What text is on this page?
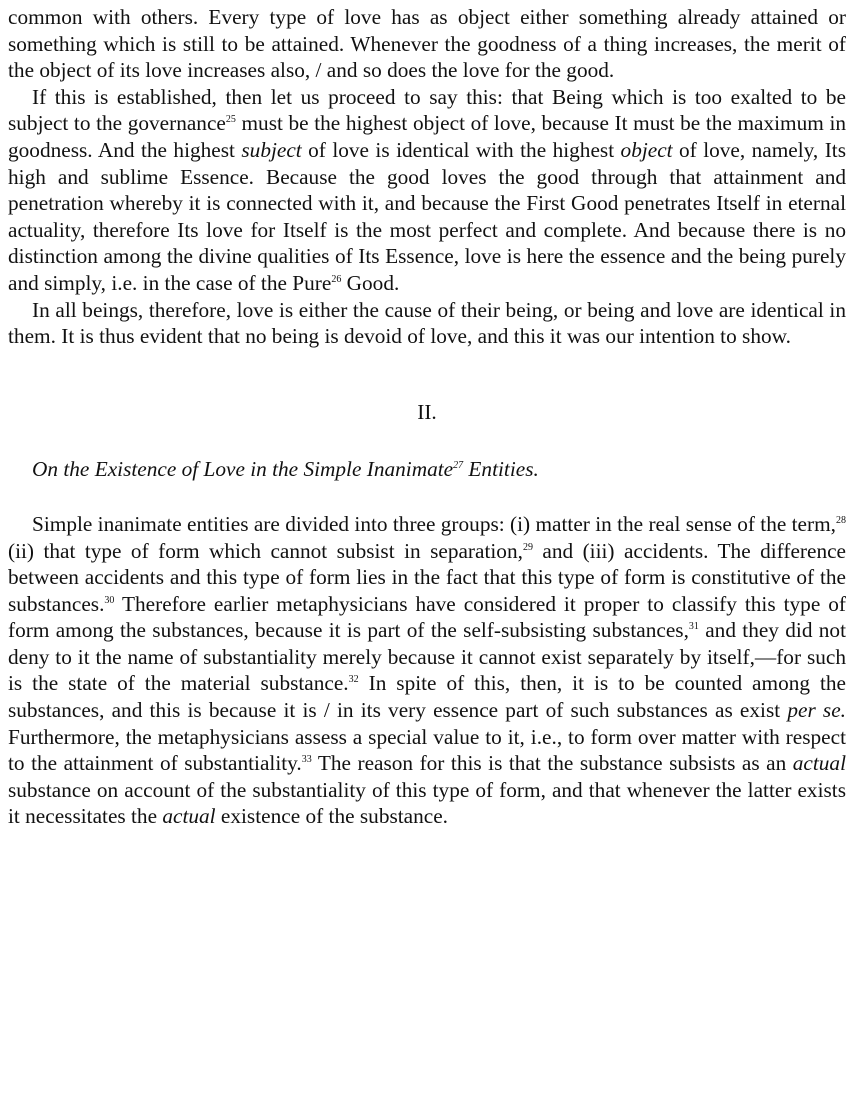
common with others. Every type of love has as object either something already attained or something which is still to be attained. Whenever the goodness of a thing increases, the merit of the object of its love increases also, / and so does the love for the good.

If this is established, then let us proceed to say this: that Being which is too exalted to be subject to the governance$^{25}$ must be the highest object of love, because It must be the maximum in goodness. And the highest subject of love is identical with the highest object of love, namely, Its high and sublime Essence. Because the good loves the good through that attainment and penetration whereby it is connected with it, and because the First Good penetrates Itself in eternal actuality, therefore Its love for Itself is the most perfect and complete. And because there is no distinction among the divine qualities of Its Essence, love is here the essence and the being purely and simply, i.e. in the case of the Pure$^{26}$ Good.

In all beings, therefore, love is either the cause of their being, or being and love are identical in them. It is thus evident that no being is devoid of love, and this it was our intention to show.

II.

On the Existence of Love in the Simple Inanimate$^{27}$ Entities.

Simple inanimate entities are divided into three groups: (i) matter in the real sense of the term,$^{28}$ (ii) that type of form which cannot subsist in separation,$^{29}$ and (iii) accidents. The difference between accidents and this type of form lies in the fact that this type of form is constitutive of the substances.$^{30}$ Therefore earlier metaphysicians have considered it proper to classify this type of form among the substances, because it is part of the self-subsisting substances,$^{31}$ and they did not deny to it the name of substantiality merely because it cannot exist separately by itself,—for such is the state of the material substance.$^{32}$ In spite of this, then, it is to be counted among the substances, and this is because it is / in its very essence part of such substances as exist per se. Furthermore, the metaphysicians assess a special value to it, i.e., to form over matter with respect to the attainment of substantiality.$^{33}$ The reason for this is that the substance subsists as an actual substance on account of the substantiality of this type of form, and that whenever the latter exists it necessitates the actual existence of the substance.
